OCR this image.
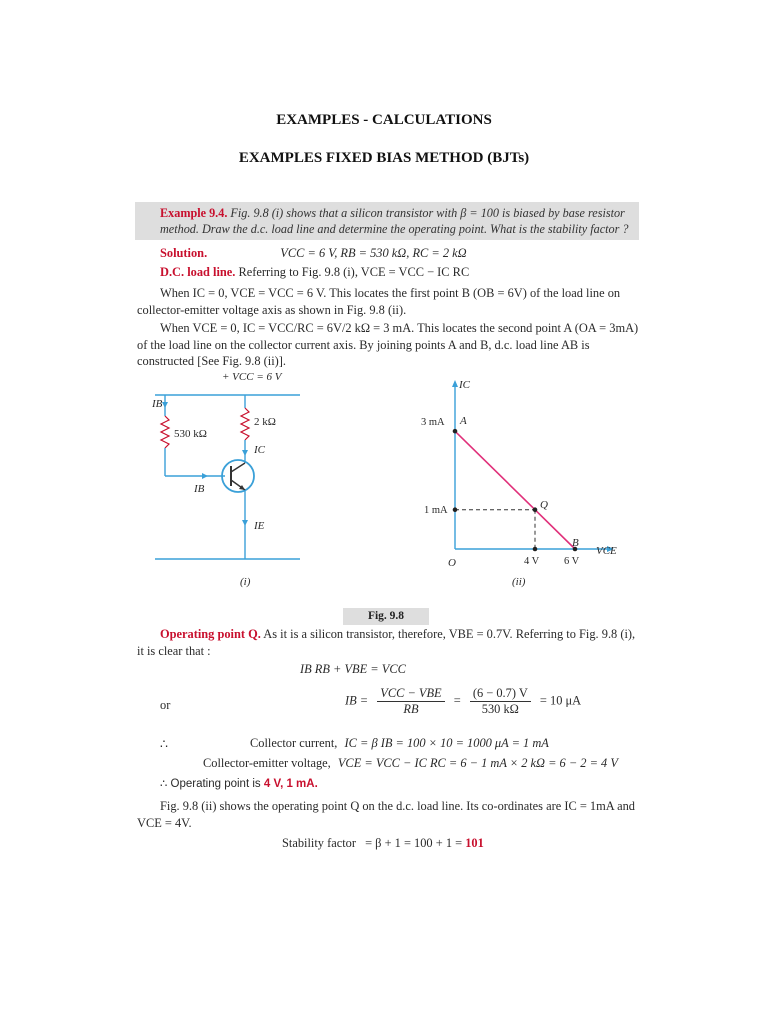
EXAMPLES - CALCULATIONS
EXAMPLES FIXED BIAS METHOD (BJTs)
Example 9.4. Fig. 9.8 (i) shows that a silicon transistor with β = 100 is biased by base resistor method. Draw the d.c. load line and determine the operating point. What is the stability factor ?
Solution.	VCC = 6 V, RB = 530 kΩ, RC = 2 kΩ
D.C. load line. Referring to Fig. 9.8 (i), VCE = VCC − IC RC
When IC = 0, VCE = VCC = 6 V. This locates the first point B (OB = 6V) of the load line on collector-emitter voltage axis as shown in Fig. 9.8 (ii).
When VCE = 0, IC = VCC/RC = 6V/2 kΩ = 3 mA. This locates the second point A (OA = 3mA) of the load line on the collector current axis. By joining points A and B, d.c. load line AB is constructed [See Fig. 9.8 (ii)].
+ VCC = 6 V
530 kΩ
2 kΩ
IB
IB
IC
IE
(i)
IC
VCE
O
3 mA A
1 mA	Q
B
4 V 6 V
(ii)
Fig. 9.8
Operating point Q. As it is a silicon transistor, therefore, VBE = 0.7V. Referring to Fig. 9.8 (i), it is clear that :
IB RB + VBE = VCC
or	IB = $\frac{\text{VCC − VBE}}{RB} = \frac{(6 - 0.7) V}{530 k\Omega} = 10$ μA
∴	Collector current, IC = β IB = 100 × 10 = 1000 μA = 1 mA
Collector-emitter voltage, VCE = VCC − IC RC = 6 − 1 mA × 2 kΩ = 6 − 2 = 4 V
∴ Operating point is 4 V, 1 mA.
Fig. 9.8 (ii) shows the operating point Q on the d.c. load line. Its co-ordinates are IC = 1mA and VCE = 4V.
Stability factor = β + 1 = 100 + 1 = 101
